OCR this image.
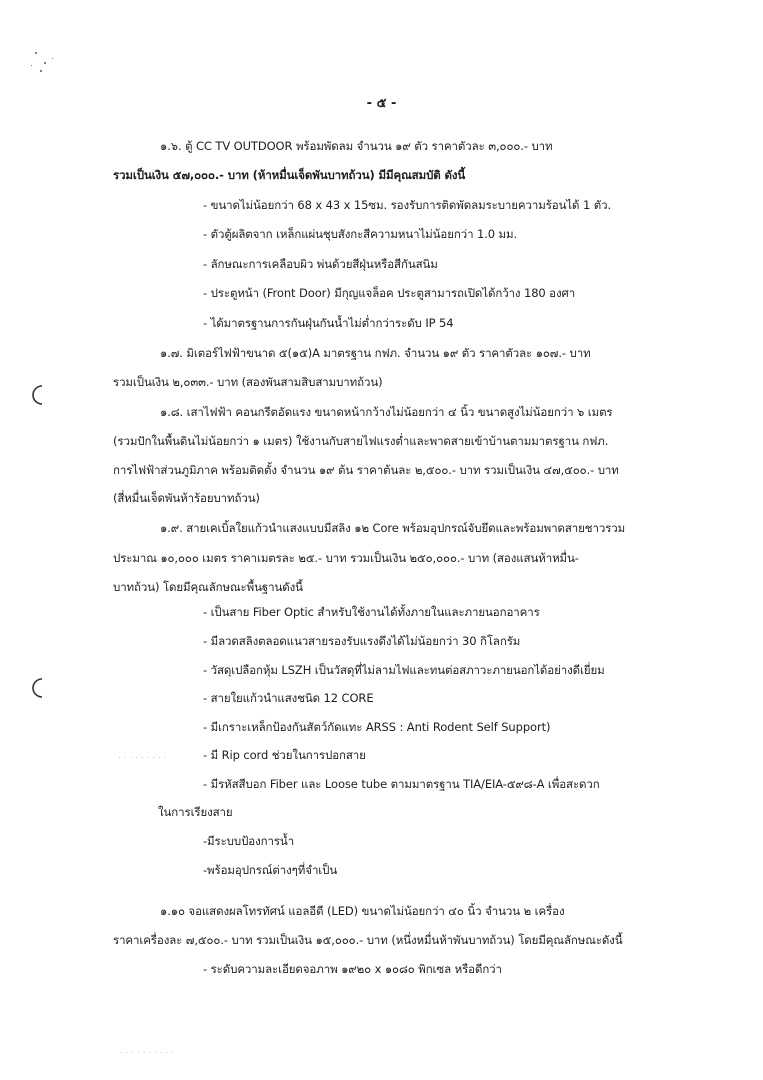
. . . . . . . . .
. . . . . . . . . .
- ๕ -
๑.๖. ตู้ CC TV OUTDOOR พร้อมพัดลม จำนวน ๑๙ ตัว ราคาตัวละ ๓,๐๐๐.- บาท
รวมเป็นเงิน ๕๗,๐๐๐.- บาท (ห้าหมื่นเจ็ดพันบาทถ้วน) มีมีคุณสมบัติ ดังนี้
- ขนาดไม่น้อยกว่า 68 x 43 x 15ซม. รองรับการติดพัดลมระบายความร้อนได้ 1 ตัว.
- ตัวตู้ผลิตจาก เหล็กแผ่นชุบสังกะสีความหนาไม่น้อยกว่า 1.0 มม.
- ลักษณะการเคลือบผิว พ่นด้วยสีฝุ่นหรือสีกันสนิม
- ประตูหน้า (Front Door) มีกุญแจล็อค ประตูสามารถเปิดได้กว้าง 180 องศา
- ได้มาตรฐานการกันฝุ่นกันน้ำไม่ต่ำกว่าระดับ IP 54
๑.๗. มิเตอร์ไฟฟ้าขนาด ๕(๑๕)A มาตรฐาน กฟภ. จำนวน ๑๙ ตัว ราคาตัวละ ๑๐๗.- บาท
รวมเป็นเงิน ๒,๐๓๓.- บาท (สองพันสามสิบสามบาทถ้วน)
๑.๘. เสาไฟฟ้า คอนกรีตอัดแรง ขนาดหน้ากว้างไม่น้อยกว่า ๔ นิ้ว ขนาดสูงไม่น้อยกว่า ๖ เมตร
(รวมปักในพื้นดินไม่น้อยกว่า ๑ เมตร) ใช้งานกับสายไฟแรงต่ำและพาดสายเข้าบ้านตามมาตรฐาน กฟภ.
การไฟฟ้าส่วนภูมิภาค พร้อมติดตั้ง จำนวน ๑๙ ต้น ราคาต้นละ ๒,๕๐๐.- บาท รวมเป็นเงิน ๔๗,๕๐๐.- บาท
(สี่หมื่นเจ็ดพันห้าร้อยบาทถ้วน)
๑.๙. สายเคเบิ้ลใยแก้วนำแสงแบบมีสลิง ๑๒ Core พร้อมอุปกรณ์จับยึดและพร้อมพาดสายชาวรวม
ประมาณ ๑๐,๐๐๐ เมตร ราคาเมตรละ ๒๕.- บาท รวมเป็นเงิน ๒๕๐,๐๐๐.- บาท (สองแสนห้าหมื่น-
บาทถ้วน) โดยมีคุณลักษณะพื้นฐานดังนี้
- เป็นสาย Fiber Optic สำหรับใช้งานได้ทั้งภายในและภายนอกอาคาร
- มีลวดสลิงตลอดแนวสายรองรับแรงดึงได้ไม่น้อยกว่า 30 กิโลกรัม
- วัสดุเปลือกหุ้ม LSZH เป็นวัสดุที่ไม่ลามไฟและทนต่อสภาวะภายนอกได้อย่างดีเยี่ยม
- สายใยแก้วนำแสงชนิด 12 CORE
- มีเกราะเหล็กป้องกันสัตว์กัดแทะ ARSS : Anti Rodent Self Support)
- มี Rip cord ช่วยในการปอกสาย
- มีรหัสสีบอก Fiber และ Loose tube ตามมาตรฐาน TIA/EIA-๕๙๘-A เพื่อสะดวก
ในการเรียงสาย
-มีระบบป้องการน้ำ
-พร้อมอุปกรณ์ต่างๆที่จำเป็น
๑.๑๐ จอแสดงผลโทรทัศน์ แอลอีดี (LED) ขนาดไม่น้อยกว่า ๔๐ นิ้ว จำนวน ๒ เครื่อง
ราคาเครื่องละ ๗,๕๐๐.- บาท รวมเป็นเงิน ๑๕,๐๐๐.- บาท (หนึ่งหมื่นห้าพันบาทถ้วน) โดยมีคุณลักษณะดังนี้
- ระดับความละเอียดจอภาพ ๑๙๒๐ x ๑๐๘๐ พิกเซล หรือดีกว่า
